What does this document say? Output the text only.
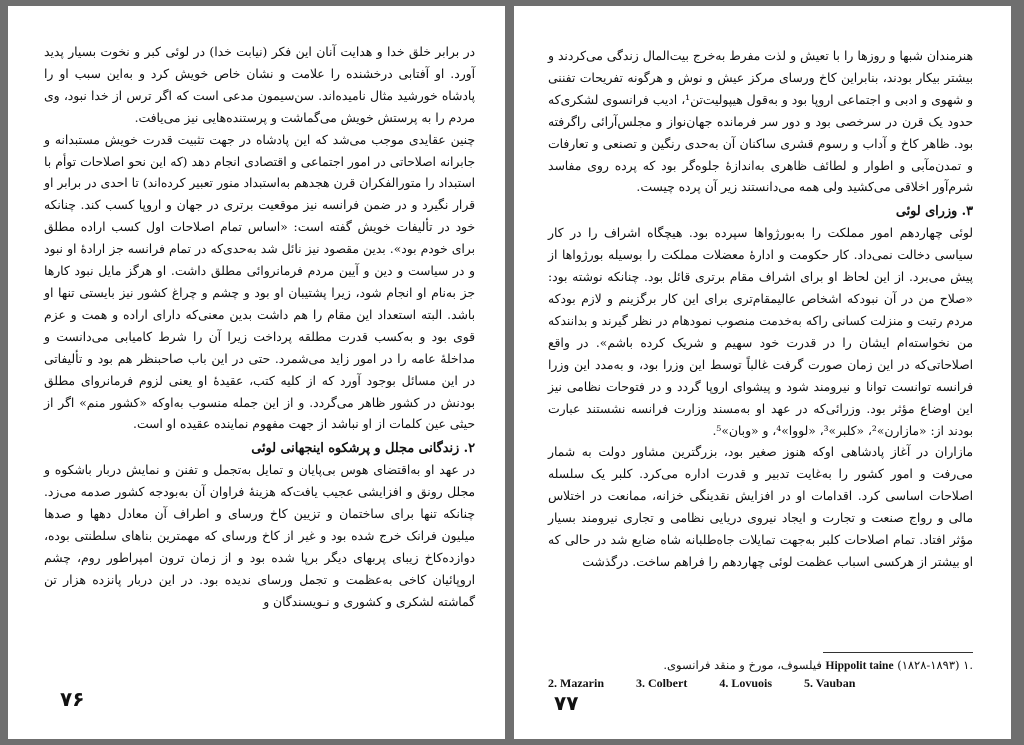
در برابر خلق خدا و هدایت آنان این فکر (نیابت خدا) در لوئی کبر و نخوت بسیار پدید آورد. او آفتابی درخشنده را علامت و نشان خاص خویش کرد و به‌این سبب او را پادشاه خورشید مثال نامیده‌اند. سن‌سیمون مدعی است که اگر ترس از خدا نبود، وی مردم را به پرستش خویش می‌گماشت و پرستنده‌هایی نیز می‌یافت.

چنین عقایدی موجب می‌شد که این پادشاه در جهت تثبیت قدرت خویش مستبدانه و جابرانه اصلاحاتی در امور اجتماعی و اقتصادی انجام دهد (که این نحو اصلاحات توأم با استبداد را متورالفکران قرن هجدهم به‌استبداد منور تعبیر کرده‌اند) تا احدی در برابر او قرار نگیرد و در ضمن فرانسه نیز موقعیت برتری در جهان و اروپا کسب کند. چنانکه خود در تألیفات خویش گفته است: «اساس تمام اصلاحات اول کسب اراده مطلق برای خودم بود». بدین مقصود نیز نائل شد به‌حدی‌که در تمام فرانسه جز اراده‌ٔ او نبود و در سیاست و دین و آیین مردم فرمانروائی مطلق داشت. او هرگز مایل نبود کارها جز به‌نام او انجام شود، زیرا پشتیبان او بود و چشم و چراغ کشور نیز بایستی تنها او باشد. البته استعداد این مقام را هم داشت بدین معنی‌که دارای اراده و همت و عزم قوی بود و به‌کسب قدرت مطلقه پرداخت زیرا آن را شرط کامیابی می‌دانست و مداخلهٔ عامه را در امور زاید می‌شمرد. حتی در این باب صاحبنظر هم بود و تألیفاتی در این مسائل بوجود آورد که از کلیه کتب، عقیدهٔ او یعنی لزوم فرمانروای مطلق بودنش در کشور ظاهر می‌گردد. و از این جمله منسوب به‌اوکه «کشور منم» اگر از حیثی عین کلمات از او نباشد از جهت مفهوم نماینده عقیده او است.

۲. زندگانی مجلل و پرشکوه اینجهانی لوئی

در عهد او به‌اقتضای هوس بی‌پایان و تمایل به‌تجمل و تفنن و نمایش دربار باشکوه و مجلل رونق و افزایشی عجیب یافت‌که هزینهٔ فراوان آن به‌بودجه کشور صدمه می‌زد. چنانکه تنها برای ساختمان و تزیین کاخ ورسای و اطراف آن معادل دهها و صدها میلیون فرانک خرج شده بود و غیر از کاخ ورسای که مهمترین بناهای سلطنتی بوده، دوازده‌کاخ زیبای پربهای دیگر برپا شده بود و از زمان ترون امپراطور روم، چشم اروپائیان کاخی به‌عظمت و تجمل ورسای ندیده بود. در این دربار پانزده هزار تن گماشته لشکری و کشوری و نـویسندگان و

۷۶

هنرمندان شبها و روزها را با تعیش و لذت مفرط به‌خرج بیت‌المال زندگی می‌کردند و بیشتر بیکار بودند، بنابراین کاخ ورسای مرکز عیش و نوش و هرگونه تفریحات تفننی و شهوی و ادبی و اجتماعی اروپا بود و به‌قول هیپولیت‌تن¹، ادیب فرانسوی لشکری‌که حدود یک قرن در سرخصی بود و دور سر فرمانده جهان‌نواز و مجلس‌آرائی راگرفته بود. ظاهر کاخ و آداب و رسوم قشری ساکنان آن به‌حدی رنگین و تصنعی و تعارفات و تمدن‌مآبی و اطوار و لطائف ظاهری به‌اندازهٔ جلوه‌گر بود که پرده روی مفاسد شرم‌آور اخلاقی می‌کشید ولی همه می‌دانستند زیر آن پرده چیست.

۳. وزرای لوئی

لوئی چهاردهم امور مملکت را به‌بورژواها سپرده بود. هیچگاه اشراف را در کار سیاسی دخالت نمی‌داد. کار حکومت و ادارهٔ معضلات مملکت را بوسیله بورژواها از پیش می‌برد. از این لحاظ او برای اشراف مقام برتری قائل بود. چنانکه نوشته بود: «صلاح من در آن نبودکه اشخاص عالیمقام‌تری برای این کار برگزینم و لازم بودکه مردم رتبت و منزلت کسانی راکه به‌خدمت منصوب نمودهام در نظر گیرند و بدانندکه من نخواسته‌ام ایشان را در قدرت خود سهیم و شریک کرده باشم». در واقع اصلاحاتی‌که در این زمان صورت گرفت غالباً توسط این وزرا بود، و به‌مدد این وزرا فرانسه توانست توانا و نیرومند شود و پیشوای اروپا گردد و در فتوحات نظامی نیز این اوضاع مؤثر بود. وزرائی‌که در عهد او به‌مسند وزارت فرانسه نشستند عبارت بودند از: «مازارن»²، «کلبر»³، «لووا»⁴، و «وبان»⁵.

مازاران در آغاز پادشاهی او‌که هنوز صغیر بود، بزرگترین مشاور دولت به شمار می‌رفت و امور کشور را به‌غایت تدبیر و قدرت اداره می‌کرد. کلبر یک سلسله اصلاحات اساسی کرد. اقدامات او در افزایش نقدینگی خزانه، ممانعت در اختلاس مالی و رواج صنعت و تجارت و ایجاد نیروی دریایی نظامی و تجاری نیرومند بسیار مؤثر افتاد. تمام اصلاحات کلبر به‌جهت تمایلات جاه‌طلبانه شاه ضایع شد در حالی که او بیشتر از هرکسی اسباب عظمت لوئی چهاردهم را فراهم ساخت. درگذشت

.۱ Hippolit taine (۱۸۲۸-۱۸۹۳) فیلسوف، مورخ و منقد فرانسوی.
2. Mazarin	3. Colbert	4. Lovuois	5. Vauban
۷۷
